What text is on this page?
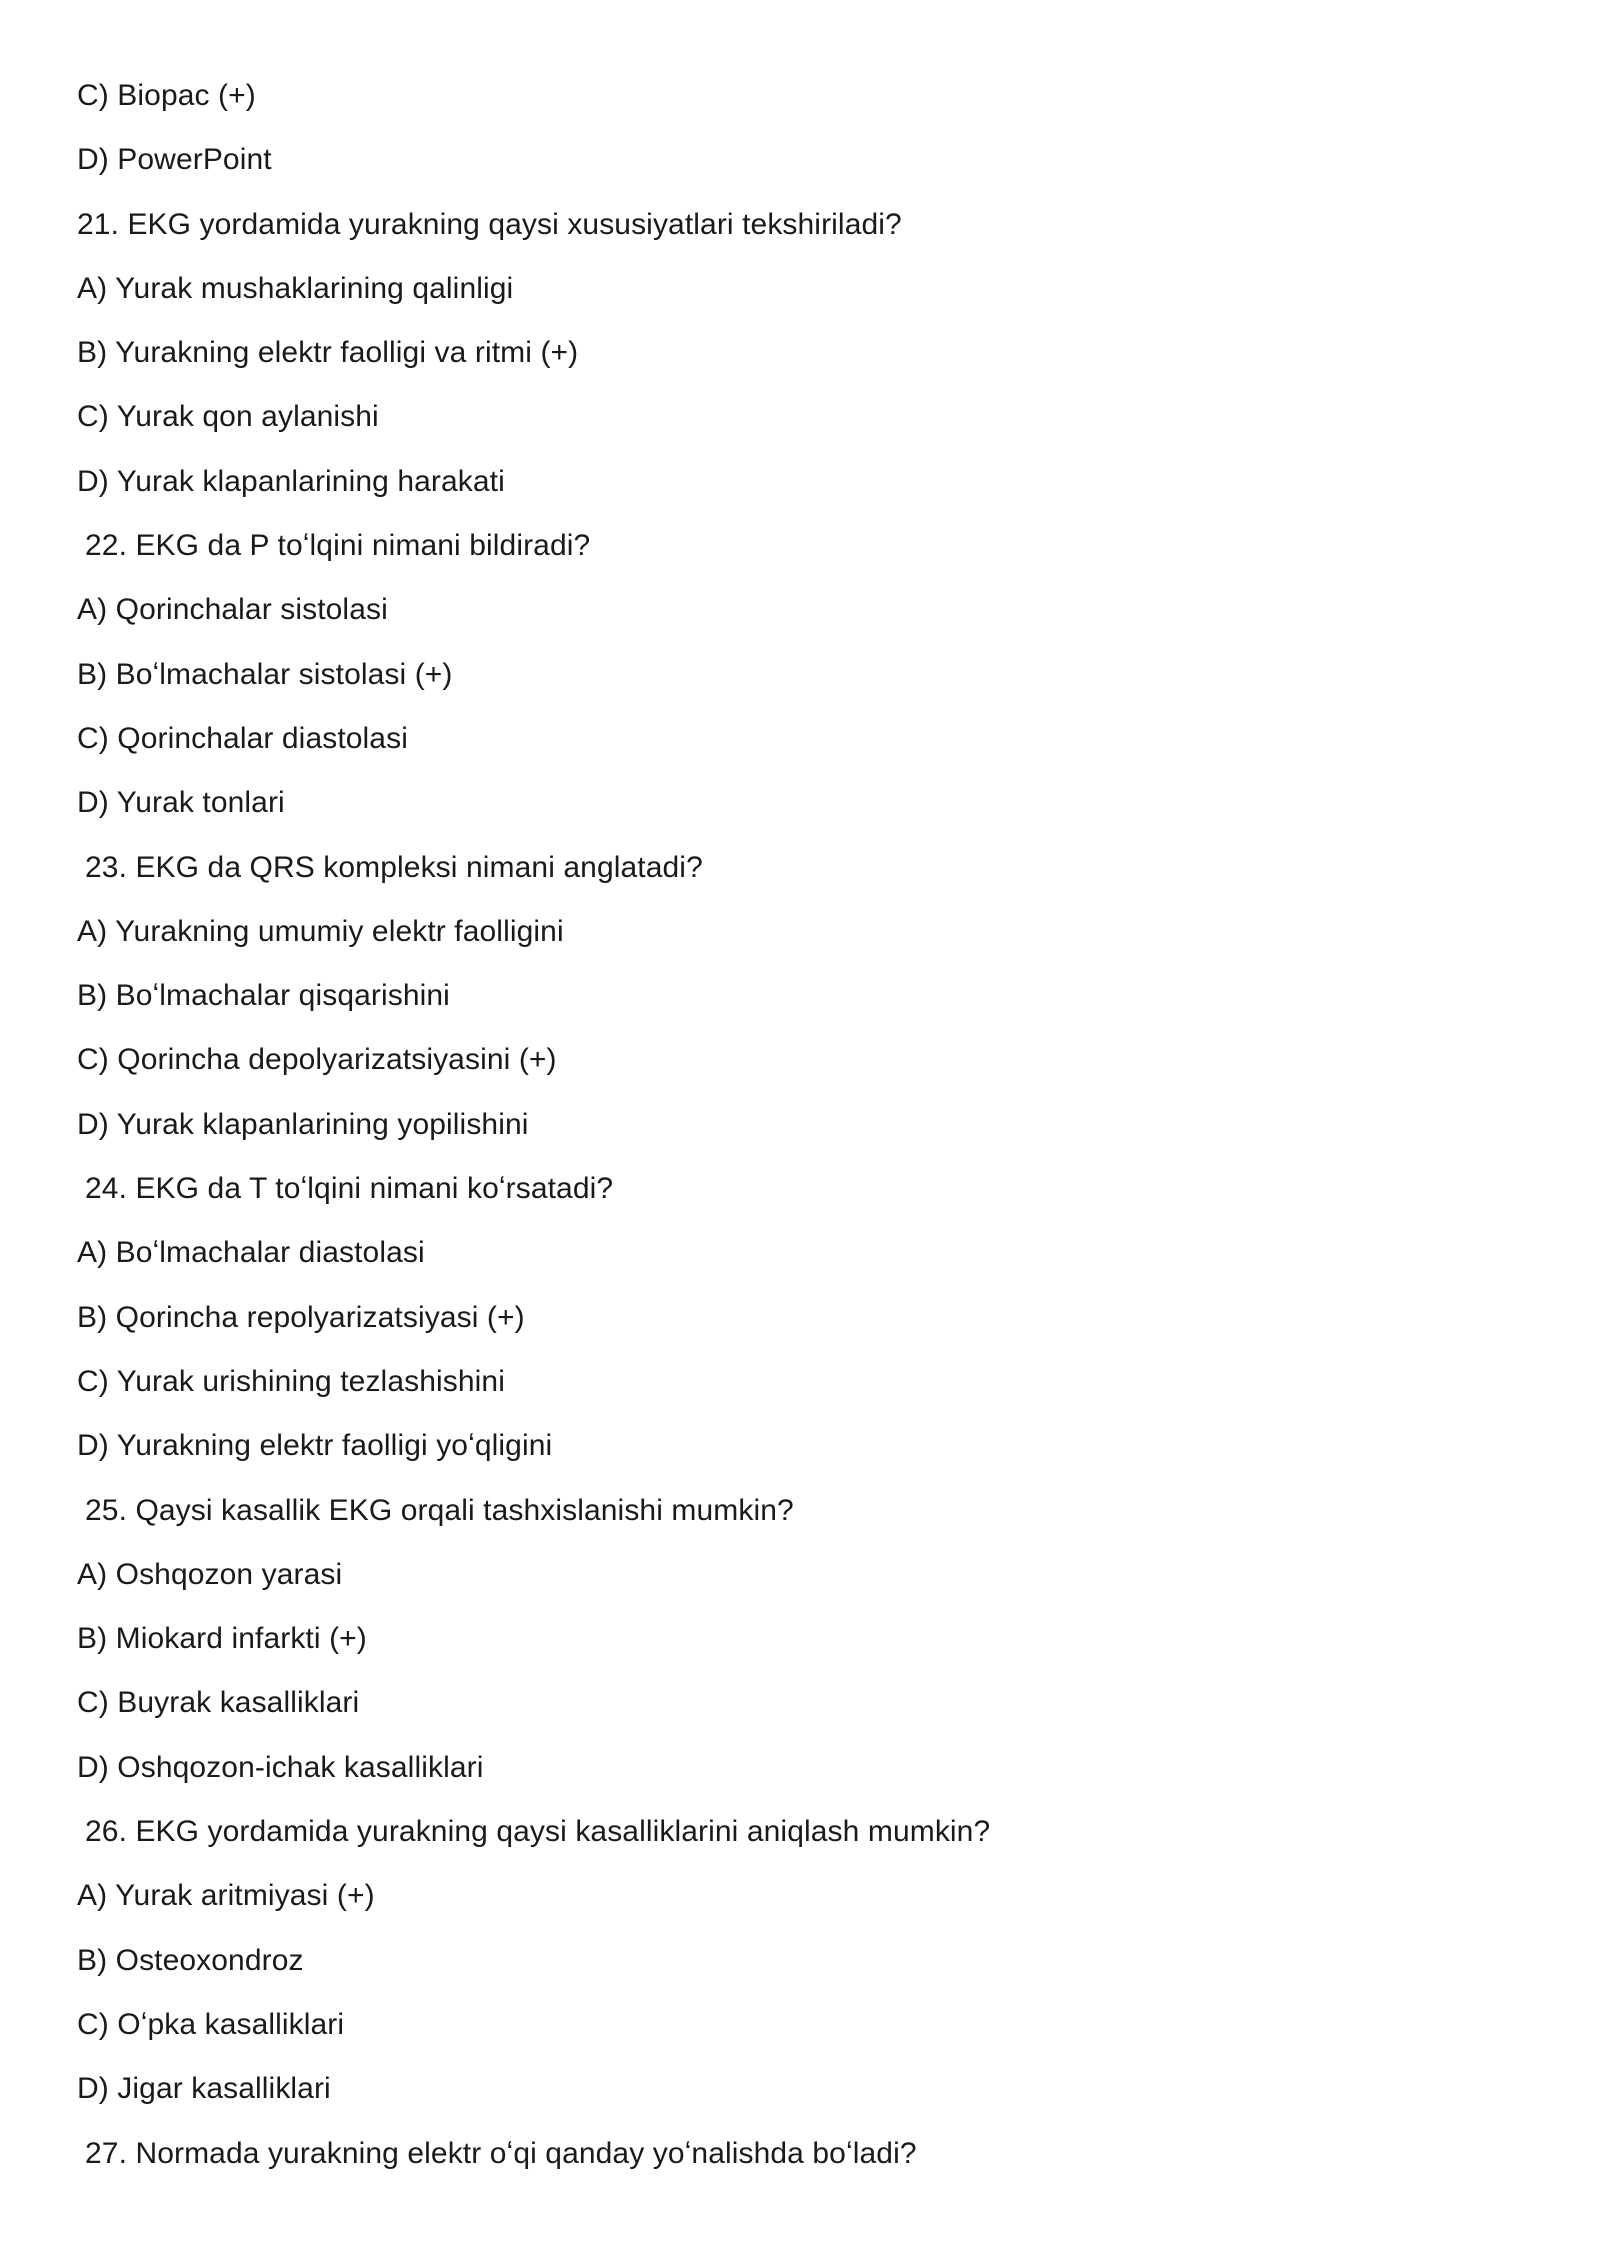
C) Biopac (+)
D) PowerPoint
21. EKG yordamida yurakning qaysi xususiyatlari tekshiriladi?
A) Yurak mushaklarining qalinligi
B) Yurakning elektr faolligi va ritmi (+)
C) Yurak qon aylanishi
D) Yurak klapanlarining harakati
22. EKG da P toʻlqini nimani bildiradi?
A) Qorinchalar sistolasi
B) Boʻlmachalar sistolasi (+)
C) Qorinchalar diastolasi
D) Yurak tonlari
23. EKG da QRS kompleksi nimani anglatadi?
A) Yurakning umumiy elektr faolligini
B) Boʻlmachalar qisqarishini
C) Qorincha depolyarizatsiyasini (+)
D) Yurak klapanlarining yopilishini
24. EKG da T toʻlqini nimani koʻrsatadi?
A) Boʻlmachalar diastolasi
B) Qorincha repolyarizatsiyasi (+)
C) Yurak urishining tezlashishini
D) Yurakning elektr faolligi yoʻqligini
25. Qaysi kasallik EKG orqali tashxislanishi mumkin?
A) Oshqozon yarasi
B) Miokard infarkti (+)
C) Buyrak kasalliklari
D) Oshqozon-ichak kasalliklari
26. EKG yordamida yurakning qaysi kasalliklarini aniqlash mumkin?
A) Yurak aritmiyasi (+)
B) Osteoxondroz
C) Oʻpka kasalliklari
D) Jigar kasalliklari
27. Normada yurakning elektr oʻqi qanday yoʻnalishda boʻladi?
